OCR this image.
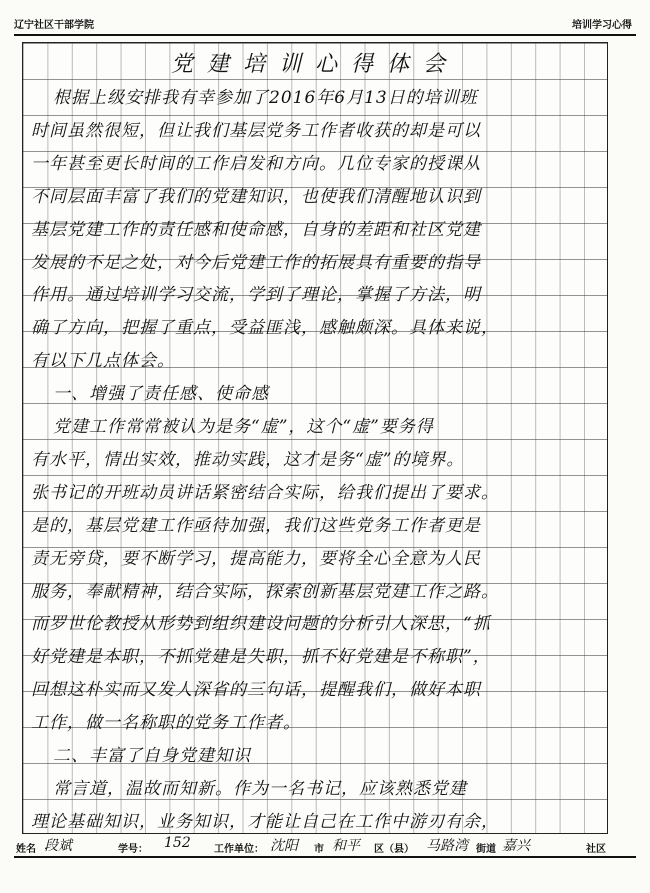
辽宁社区干部学院	培训学习心得
党建培训心得体会
根据上级安排我有幸参加了2016年6月13日的培训班
时间虽然很短，但让我们基层党务工作者收获的却是可以
一年甚至更长时间的工作启发和方向。几位专家的授课从
不同层面丰富了我们的党建知识，也使我们清醒地认识到
基层党建工作的责任感和使命感，自身的差距和社区党建
发展的不足之处，对今后党建工作的拓展具有重要的指导
作用。通过培训学习交流，学到了理论，掌握了方法，明
确了方向，把握了重点，受益匪浅，感触颇深。具体来说，
有以下几点体会。
一、增强了责任感、使命感
党建工作常常被认为是务“虚”，这个“虚”要务得
有水平，情出实效，推动实践，这才是务“虚”的境界。
张书记的开班动员讲话紧密结合实际，给我们提出了要求。
是的，基层党建工作亟待加强，我们这些党务工作者更是
责无旁贷，要不断学习，提高能力，要将全心全意为人民
服务，奉献精神，结合实际，探索创新基层党建工作之路。
而罗世伦教授从形势到组织建设问题的分析引人深思，“抓
好党建是本职，不抓党建是失职，抓不好党建是不称职”，
回想这朴实而又发人深省的三句话，提醒我们，做好本职
工作，做一名称职的党务工作者。
二、丰富了自身党建知识
常言道，温故而知新。作为一名书记，应该熟悉党建
理论基础知识，业务知识，才能让自己在工作中游刃有余，
姓名 段斌	学号： 152 工作单位： 沈阳 市 和平 区（县） 马路湾 街道 嘉兴	社区
